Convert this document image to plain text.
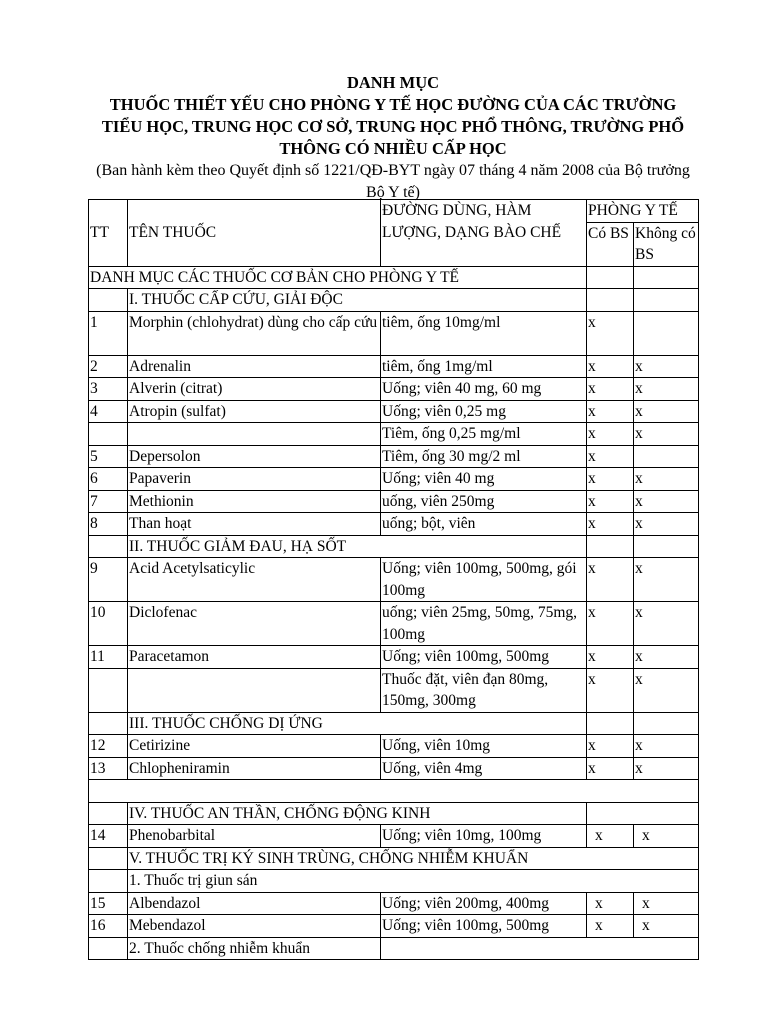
DANH MỤC
THUỐC THIẾT YẾU CHO PHÒNG Y TẾ HỌC ĐƯỜNG CỦA CÁC TRƯỜNG TIỂU HỌC, TRUNG HỌC CƠ SỞ, TRUNG HỌC PHỔ THÔNG, TRƯỜNG PHỔ THÔNG CÓ NHIỀU CẤP HỌC
(Ban hành kèm theo Quyết định số 1221/QĐ-BYT ngày 07 tháng 4 năm 2008 của Bộ trưởng Bộ Y tế)
TT	TÊN THUỐC	ĐƯỜNG DÙNG, HÀM LƯỢNG, DẠNG BÀO CHẾ	PHÒNG Y TẾ	
			Có BS	Không có BS

DANH MỤC CÁC THUỐC CƠ BẢN CHO PHÒNG Y TẾ				
	I. THUỐC CẤP CỨU, GIẢI ĐỘC			
1	Morphin (chlohydrat) dùng cho cấp cứu	tiêm, ống 10mg/ml	x	
2	Adrenalin	tiêm, ống 1mg/ml	x	x
3	Alverin (citrat)	Uống; viên 40 mg, 60 mg	x	x
4	Atropin (sulfat)	Uống; viên 0,25 mg	x	x
		Tiêm, ống 0,25 mg/ml	x	x
5	Depersolon	Tiêm, ống 30 mg/2 ml	x	
6	Papaverin	Uống; viên 40 mg	x	x
7	Methionin	uống, viên 250mg	x	x
8	Than hoạt	uống; bột, viên	x	x
	II. THUỐC GIẢM ĐAU, HẠ SỐT			
9	Acid Acetylsaticylic	Uống; viên 100mg, 500mg, gói 100mg	x	x
10	Diclofenac	uống; viên 25mg, 50mg, 75mg, 100mg	x	x
11	Paracetamon	Uống; viên 100mg, 500mg	x	x
		Thuốc đặt, viên đạn 80mg, 150mg, 300mg	x	x
	III. THUỐC CHỐNG DỊ ỨNG			
12	Cetirizine	Uống, viên 10mg	x	x
13	Chlopheniramin	Uống, viên 4mg	x	x

	IV. THUỐC AN THẦN, CHỐNG ĐỘNG KINH			
14	Phenobarbital	Uống; viên 10mg, 100mg	x	x
	V. THUỐC TRỊ KÝ SINH TRÙNG, CHỐNG NHIỄM KHUẨN			
	1. Thuốc trị giun sán			
15	Albendazol	Uống; viên 200mg, 400mg	x	x
16	Mebendazol	Uống; viên 100mg, 500mg	x	x
	2. Thuốc chống nhiễm khuẩn			
